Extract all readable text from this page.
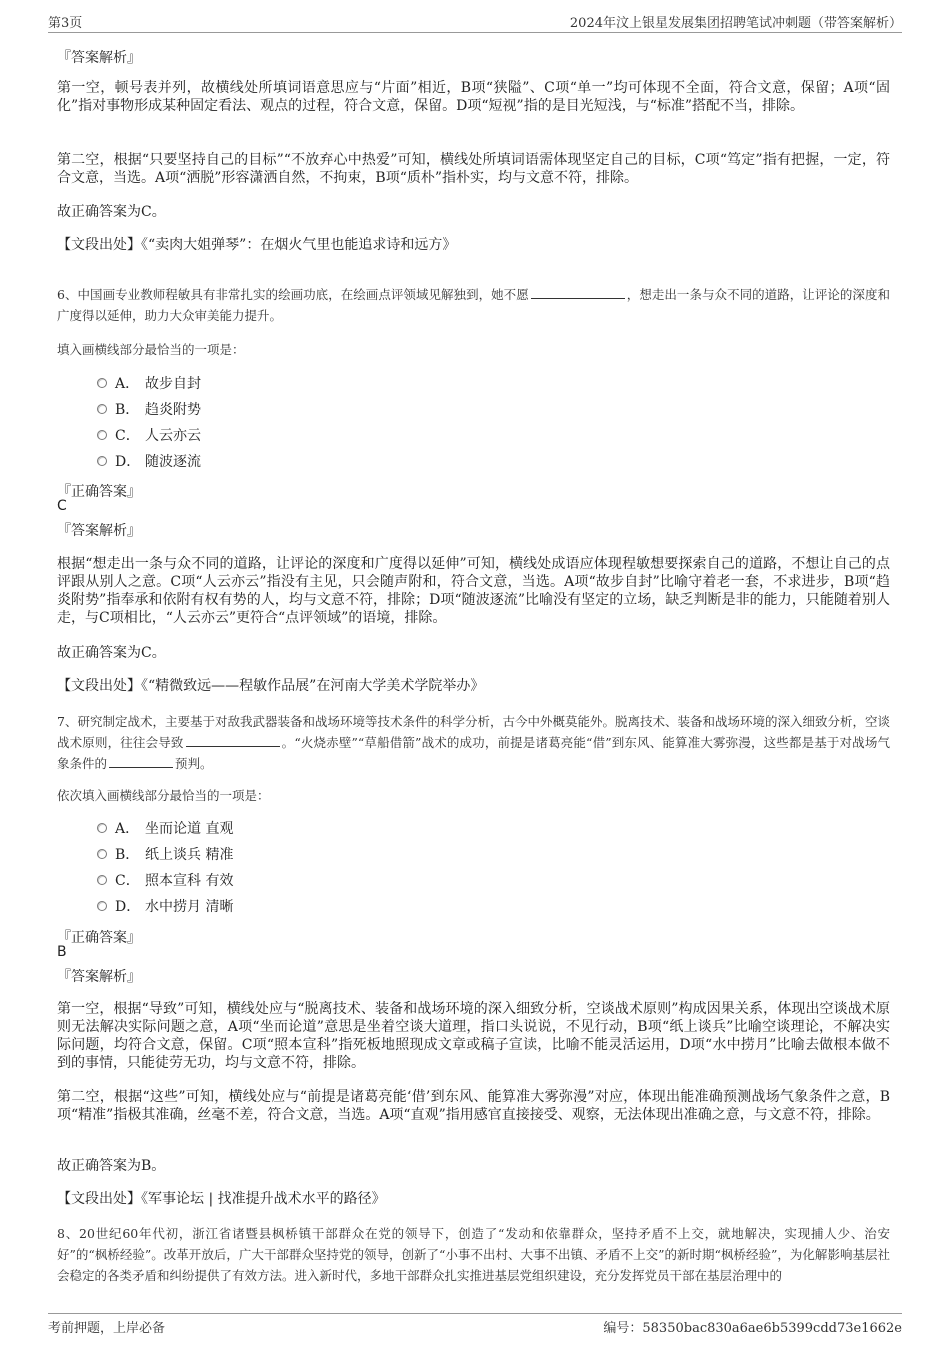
第3页	2024年汶上银星发展集团招聘笔试冲刺题（带答案解析）
『答案解析』
第一空，顿号表并列，故横线处所填词语意思应与“片面”相近，B项“狭隘”、C项“单一”均可体现不全面，符合文意，保留；A项“固化”指对事物形成某种固定看法、观点的过程，符合文意，保留。D项“短视”指的是目光短浅，与“标准”搭配不当，排除。
第二空，根据“只要坚持自己的目标”“不放弃心中热爱”可知，横线处所填词语需体现坚定自己的目标，C项“笃定”指有把握，一定，符合文意，当选。A项“洒脱”形容潇洒自然，不拘束，B项“质朴”指朴实，均与文意不符，排除。
故正确答案为C。
【文段出处】《“卖肉大姐弹琴”：在烟火气里也能追求诗和远方》
6、中国画专业教师程敏具有非常扎实的绘画功底，在绘画点评领域见解独到，她不愿	，想走出一条与众不同的道路，让评论的深度和广度得以延伸，助力大众审美能力提升。
填入画横线部分最恰当的一项是：
A． 故步自封
B． 趋炎附势
C． 人云亦云
D． 随波逐流
『正确答案』
C
『答案解析』
根据“想走出一条与众不同的道路，让评论的深度和广度得以延伸”可知，横线处成语应体现程敏想要探索自己的道路，不想让自己的点评跟从别人之意。C项“人云亦云”指没有主见，只会随声附和，符合文意，当选。A项“故步自封”比喻守着老一套，不求进步，B项“趋炎附势”指奉承和依附有权有势的人，均与文意不符，排除；D项“随波逐流”比喻没有坚定的立场，缺乏判断是非的能力，只能随着别人走，与C项相比，“人云亦云”更符合“点评领域”的语境，排除。
故正确答案为C。
【文段出处】《“精微致远——程敏作品展”在河南大学美术学院举办》
7、研究制定战术，主要基于对敌我武器装备和战场环境等技术条件的科学分析，古今中外概莫能外。脱离技术、装备和战场环境的深入细致分析，空谈战术原则，往往会导致	。“火烧赤壁”“草船借箭”战术的成功，前提是诸葛亮能“借”到东风、能算准大雾弥漫，这些都是基于对战场气象条件的	预判。
依次填入画横线部分最恰当的一项是：
A． 坐而论道 直观
B． 纸上谈兵 精准
C． 照本宣科 有效
D． 水中捞月 清晰
『正确答案』
B
『答案解析』
第一空，根据“导致”可知，横线处应与“脱离技术、装备和战场环境的深入细致分析，空谈战术原则”构成因果关系，体现出空谈战术原则无法解决实际问题之意，A项“坐而论道”意思是坐着空谈大道理，指口头说说，不见行动，B项“纸上谈兵”比喻空谈理论，不解决实际问题，均符合文意，保留。C项“照本宣科”指死板地照现成文章或稿子宣读，比喻不能灵活运用，D项“水中捞月”比喻去做根本做不到的事情，只能徒劳无功，均与文意不符，排除。
第二空，根据“这些”可知，横线处应与“前提是诸葛亮能‘借’到东风、能算准大雾弥漫”对应，体现出能准确预测战场气象条件之意，B项“精准”指极其准确，丝毫不差，符合文意，当选。A项“直观”指用感官直接接受、观察，无法体现出准确之意，与文意不符，排除。
故正确答案为B。
【文段出处】《军事论坛 | 找准提升战术水平的路径》
8、20世纪60年代初，浙江省诸暨县枫桥镇干部群众在党的领导下，创造了“发动和依靠群众，坚持矛盾不上交，就地解决，实现捕人少、治安好”的“枫桥经验”。改革开放后，广大干部群众坚持党的领导，创新了“小事不出村、大事不出镇、矛盾不上交”的新时期“枫桥经验”，为化解影响基层社会稳定的各类矛盾和纠纷提供了有效方法。进入新时代，多地干部群众扎实推进基层党组织建设，充分发挥党员干部在基层治理中的
考前押题，上岸必备	编号：58350bac830a6ae6b5399cdd73e1662e
